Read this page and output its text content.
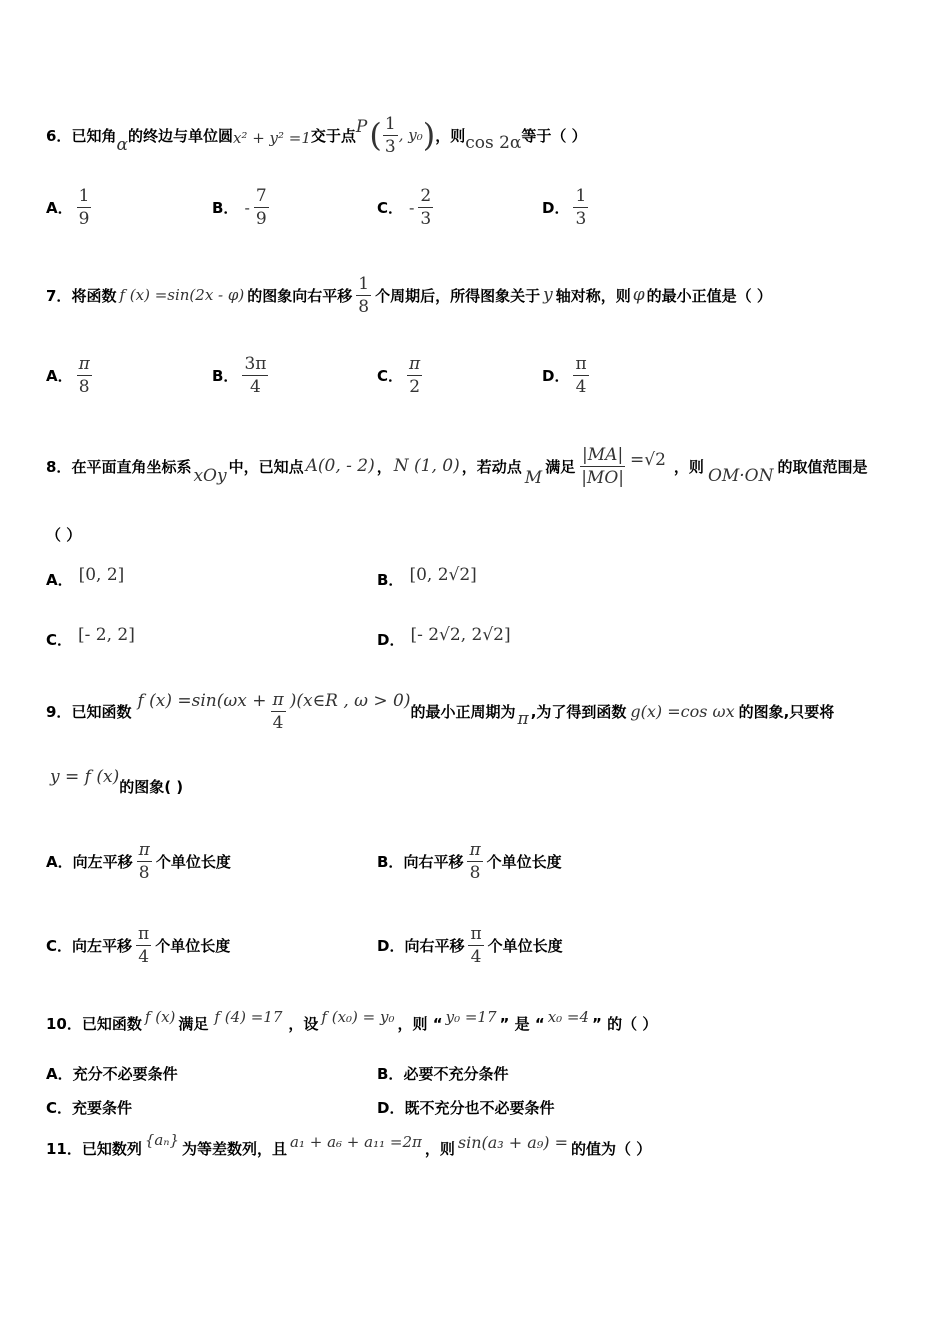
6． 已知角 α 的终边与单位圆 x² + y² =1 交于点 P ( $\frac{1}{3}$ , y₀ ) ，则 cos 2α 等于（ ）
A． $\frac{1}{9}$	B． - $\frac{7}{9}$	C． - $\frac{2}{3}$	D． $\frac{1}{3}$
7． 将函数 f (x) =sin(2x - φ) 的图象向右平移 $\frac{1}{8}$ 个周期后，所得图象关于 y 轴对称，则 φ 的最小正值是（ ）
A． $\frac{\pi}{8}$	B． $\frac{3\pi}{4}$	C． $\frac{\pi}{2}$	D． $\frac{\pi}{4}$
8． 在平面直角坐标系 xOy 中，已知点 A(0, - 2) ， N (1, 0) ，若动点
M
满足 $\frac{|MA|}{|MO|} =√2$ ，则 OM·ON 的取值范围是
（ ）
A． [0, 2]	B． [0, 2√2]
C． [- 2, 2]	D． [- 2√2, 2√2]
9． 已知函数
f $(x) =\sin(\omega x + \frac{\pi}{4}$ )(x∈R , ω > 0)
的最小正周期为 π ,为了得到函数 g(x) =cos ωx 的图象,只要将
y = f (x)
的图象( )
A． 向左平移 $\frac{\pi}{8}$ 个单位长度	B． 向右平移 $\frac{\pi}{8}$ 个单位长度
C． 向左平移 $\frac{\pi}{4}$ 个单位长度	D． 向右平移 $\frac{\pi}{4}$ 个单位长度
10． 已知函数 f (x) 满足 f (4) =17 ，设 f (x₀) = y₀ ，则 “ y₀ =17 ” 是 “ x₀ =4 ” 的（ ）
A． 充分不必要条件	B． 必要不充分条件
C． 充要条件	D． 既不充分也不必要条件
11． 已知数列 {aₙ} 为等差数列，且 a₁ + a₆ + a₁₁ =2π ，则 sin(a₃ + a₉) = 的值为（ ）
